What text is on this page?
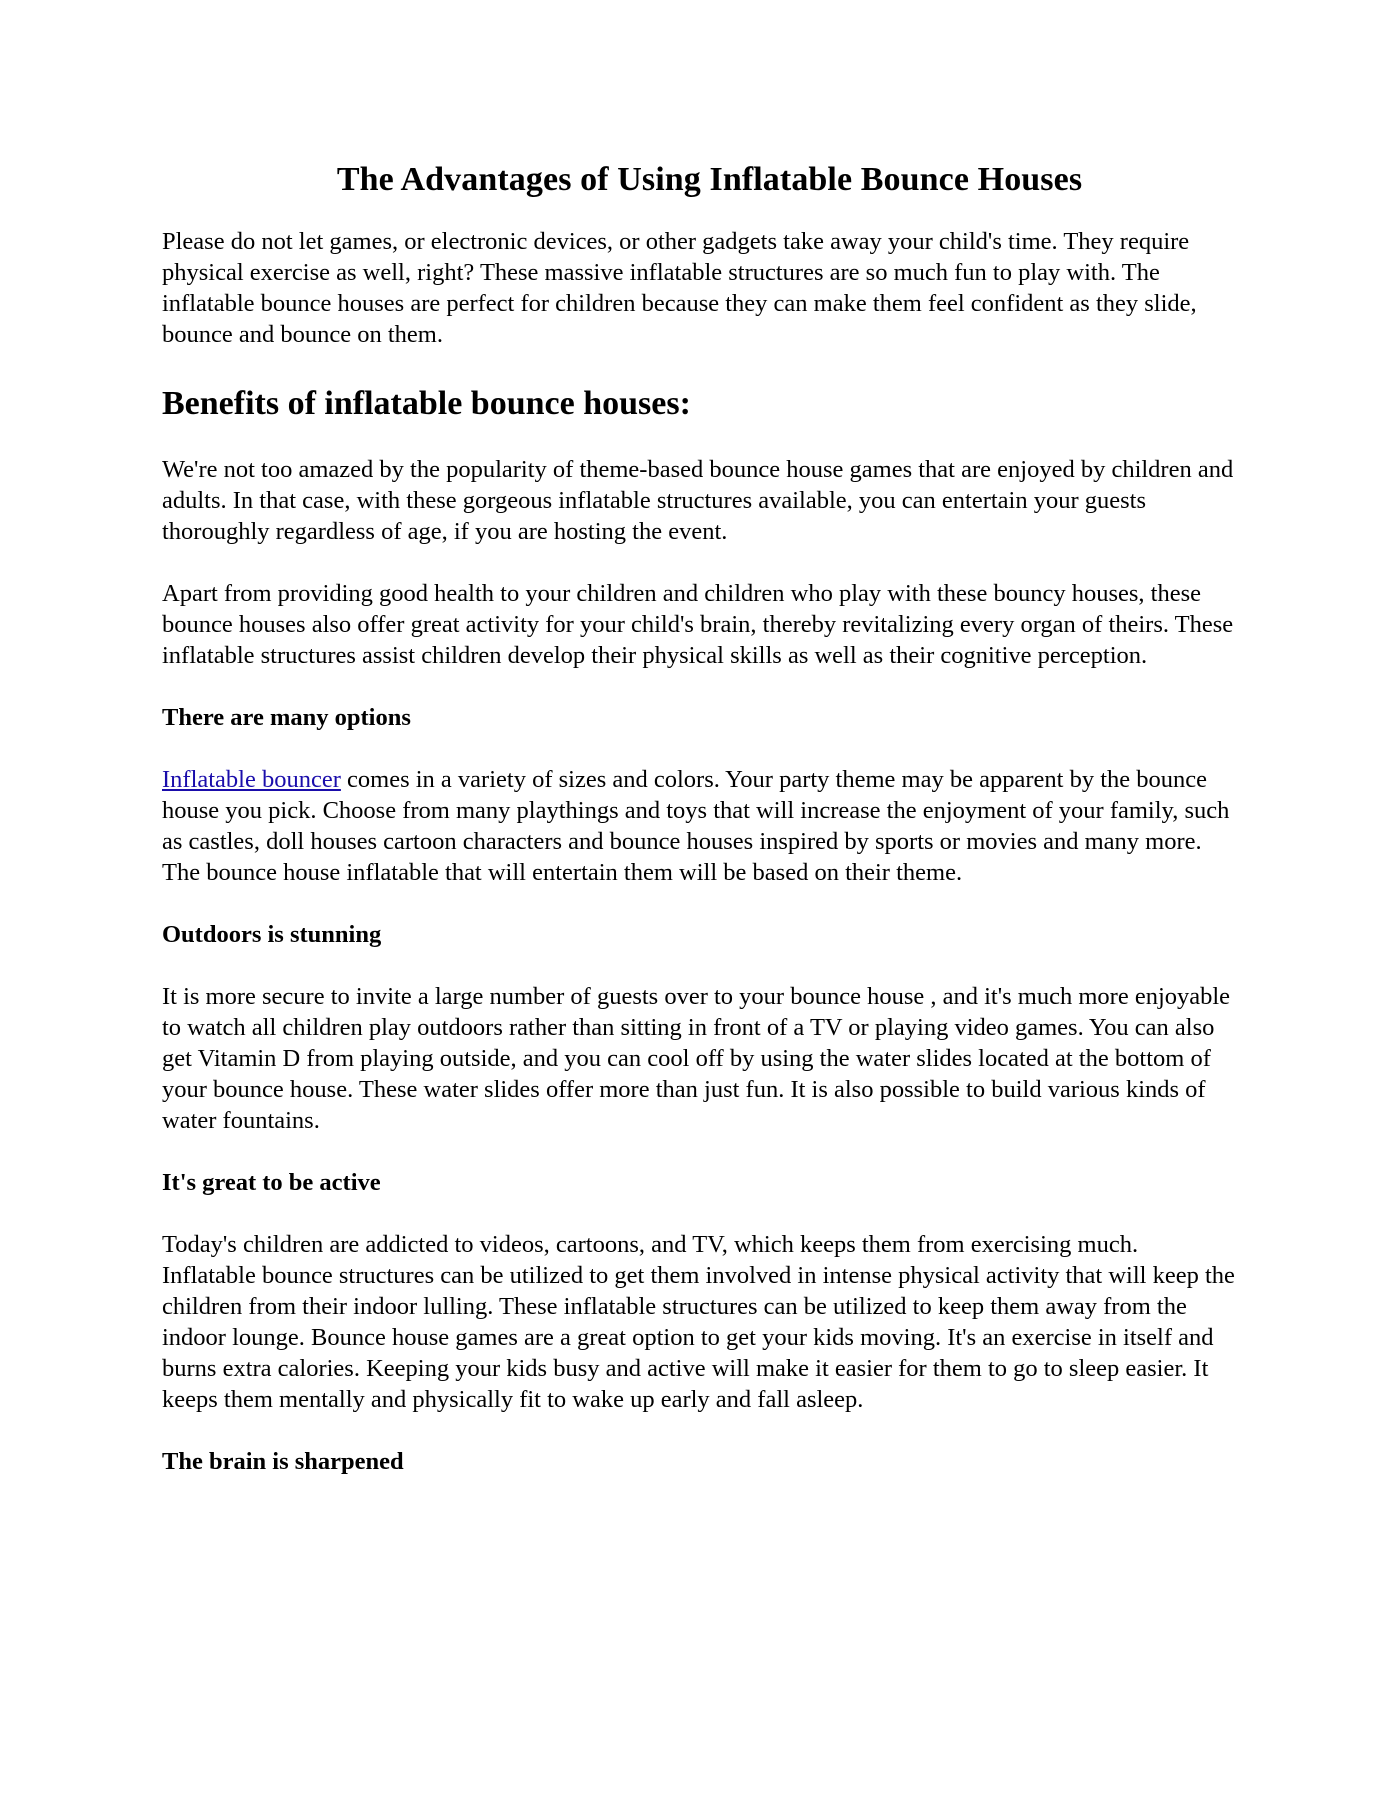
The Advantages of Using Inflatable Bounce Houses

Please do not let games, or electronic devices, or other gadgets take away your child's time. They require physical exercise as well, right? These massive inflatable structures are so much fun to play with. The inflatable bounce houses are perfect for children because they can make them feel confident as they slide, bounce and bounce on them.

Benefits of inflatable bounce houses:

We're not too amazed by the popularity of theme-based bounce house games that are enjoyed by children and adults. In that case, with these gorgeous inflatable structures available, you can entertain your guests thoroughly regardless of age, if you are hosting the event.

Apart from providing good health to your children and children who play with these bouncy houses, these bounce houses also offer great activity for your child's brain, thereby revitalizing every organ of theirs. These inflatable structures assist children develop their physical skills as well as their cognitive perception.

There are many options

Inflatable bouncer comes in a variety of sizes and colors. Your party theme may be apparent by the bounce house you pick. Choose from many playthings and toys that will increase the enjoyment of your family, such as castles, doll houses cartoon characters and bounce houses inspired by sports or movies and many more. The bounce house inflatable that will entertain them will be based on their theme.

Outdoors is stunning

It is more secure to invite a large number of guests over to your bounce house , and it's much more enjoyable to watch all children play outdoors rather than sitting in front of a TV or playing video games. You can also get Vitamin D from playing outside, and you can cool off by using the water slides located at the bottom of your bounce house. These water slides offer more than just fun. It is also possible to build various kinds of water fountains.

It's great to be active

Today's children are addicted to videos, cartoons, and TV, which keeps them from exercising much. Inflatable bounce structures can be utilized to get them involved in intense physical activity that will keep the children from their indoor lulling. These inflatable structures can be utilized to keep them away from the indoor lounge. Bounce house games are a great option to get your kids moving. It's an exercise in itself and burns extra calories. Keeping your kids busy and active will make it easier for them to go to sleep easier. It keeps them mentally and physically fit to wake up early and fall asleep.

The brain is sharpened
